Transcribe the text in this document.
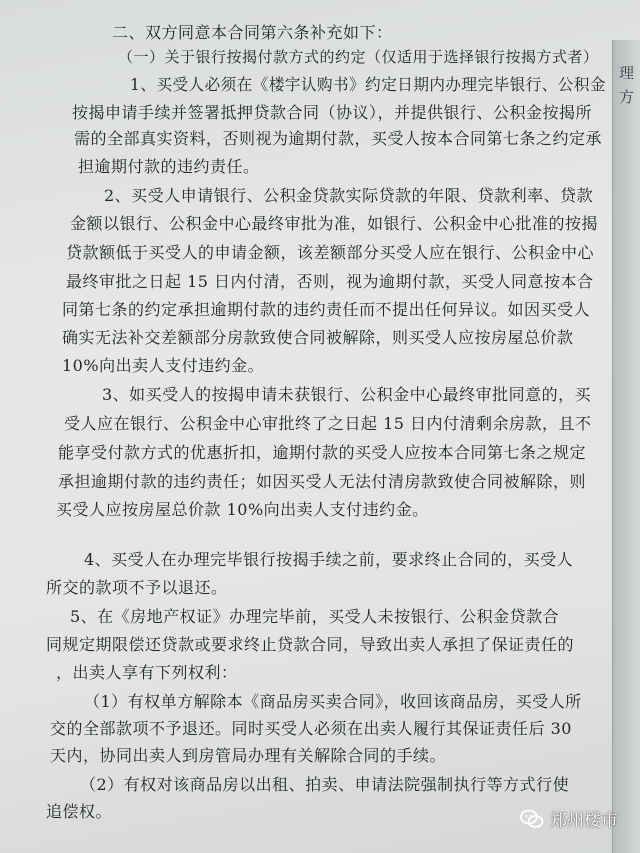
理
方
二、双方同意本合同第六条补充如下：
（一）关于银行按揭付款方式的约定（仅适用于选择银行按揭方式者）
1、买受人必须在《楼宇认购书》约定日期内办理完毕银行、公积金
按揭申请手续并签署抵押贷款合同（协议），并提供银行、公积金按揭所
需的全部真实资料，否则视为逾期付款，买受人按本合同第七条之约定承
担逾期付款的违约责任。
2、买受人申请银行、公积金贷款实际贷款的年限、贷款利率、贷款
金额以银行、公积金中心最终审批为准，如银行、公积金中心批准的按揭
贷款额低于买受人的申请金额，该差额部分买受人应在银行、公积金中心
最终审批之日起 15 日内付清，否则，视为逾期付款，买受人同意按本合
同第七条的约定承担逾期付款的违约责任而不提出任何异议。如因买受人
确实无法补交差额部分房款致使合同被解除，则买受人应按房屋总价款
10%向出卖人支付违约金。
3、如买受人的按揭申请未获银行、公积金中心最终审批同意的，买
受人应在银行、公积金中心审批终了之日起 15 日内付清剩余房款，且不
能享受付款方式的优惠折扣，逾期付款的买受人应按本合同第七条之规定
承担逾期付款的违约责任；如因买受人无法付清房款致使合同被解除，则
买受人应按房屋总价款 10%向出卖人支付违约金。
4、买受人在办理完毕银行按揭手续之前，要求终止合同的，买受人
所交的款项不予以退还。
5、在《房地产权证》办理完毕前，买受人未按银行、公积金贷款合
同规定期限偿还贷款或要求终止贷款合同，导致出卖人承担了保证责任的
，出卖人享有下列权利：
（1）有权单方解除本《商品房买卖合同》，收回该商品房，买受人所
交的全部款项不予退还。同时买受人必须在出卖人履行其保证责任后 30
天内，协同出卖人到房管局办理有关解除合同的手续。
（2）有权对该商品房以出租、拍卖、申请法院强制执行等方式行使
追偿权。	郑州楼市
